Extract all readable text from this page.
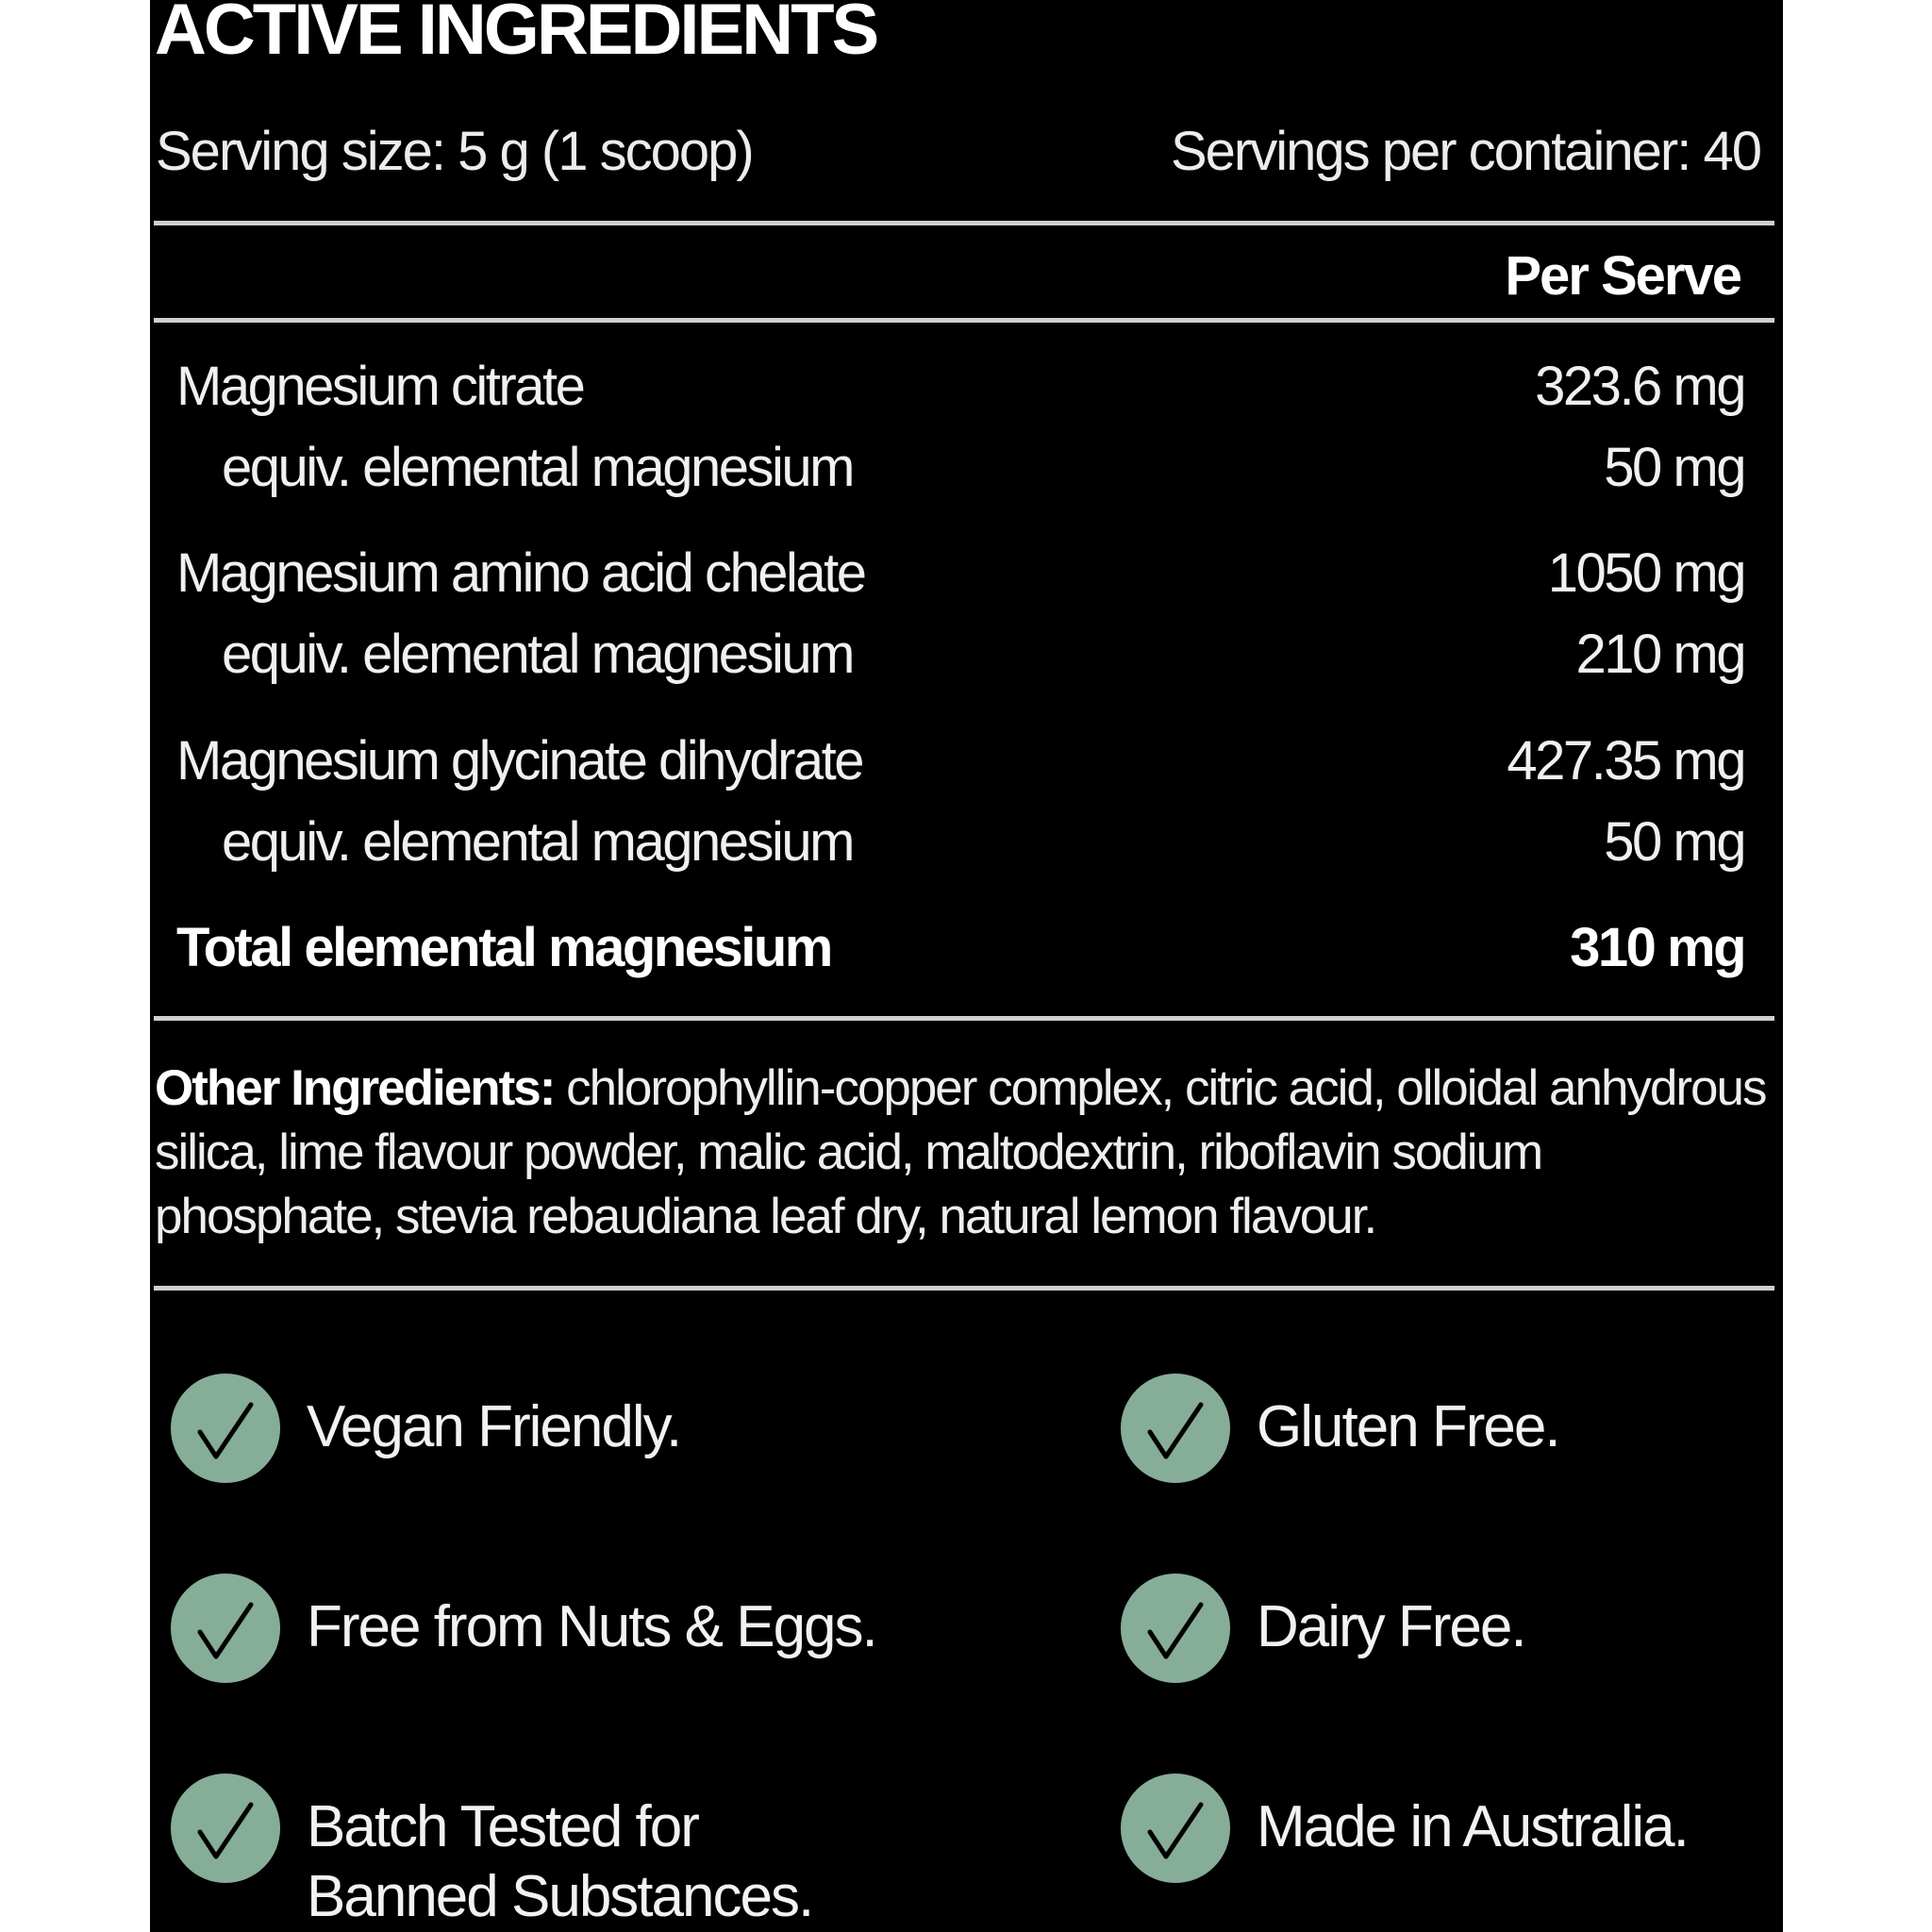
ACTIVE INGREDIENTS
Serving size: 5 g (1 scoop)	Servings per container: 40
Per Serve
Magnesium citrate	323.6 mg
equiv. elemental magnesium	50 mg
Magnesium amino acid chelate	1050 mg
equiv. elemental magnesium	210 mg
Magnesium glycinate dihydrate	427.35 mg
equiv. elemental magnesium	50 mg
Total elemental magnesium	310 mg
Other Ingredients: chlorophyllin-copper complex, citric acid, olloidal anhydrous silica, lime flavour powder, malic acid, maltodextrin, riboflavin sodium phosphate, stevia rebaudiana leaf dry, natural lemon flavour.
Vegan Friendly.	Gluten Free.
Free from Nuts & Eggs.	Dairy Free.
Batch Tested for
Banned Substances.
Made in Australia.
